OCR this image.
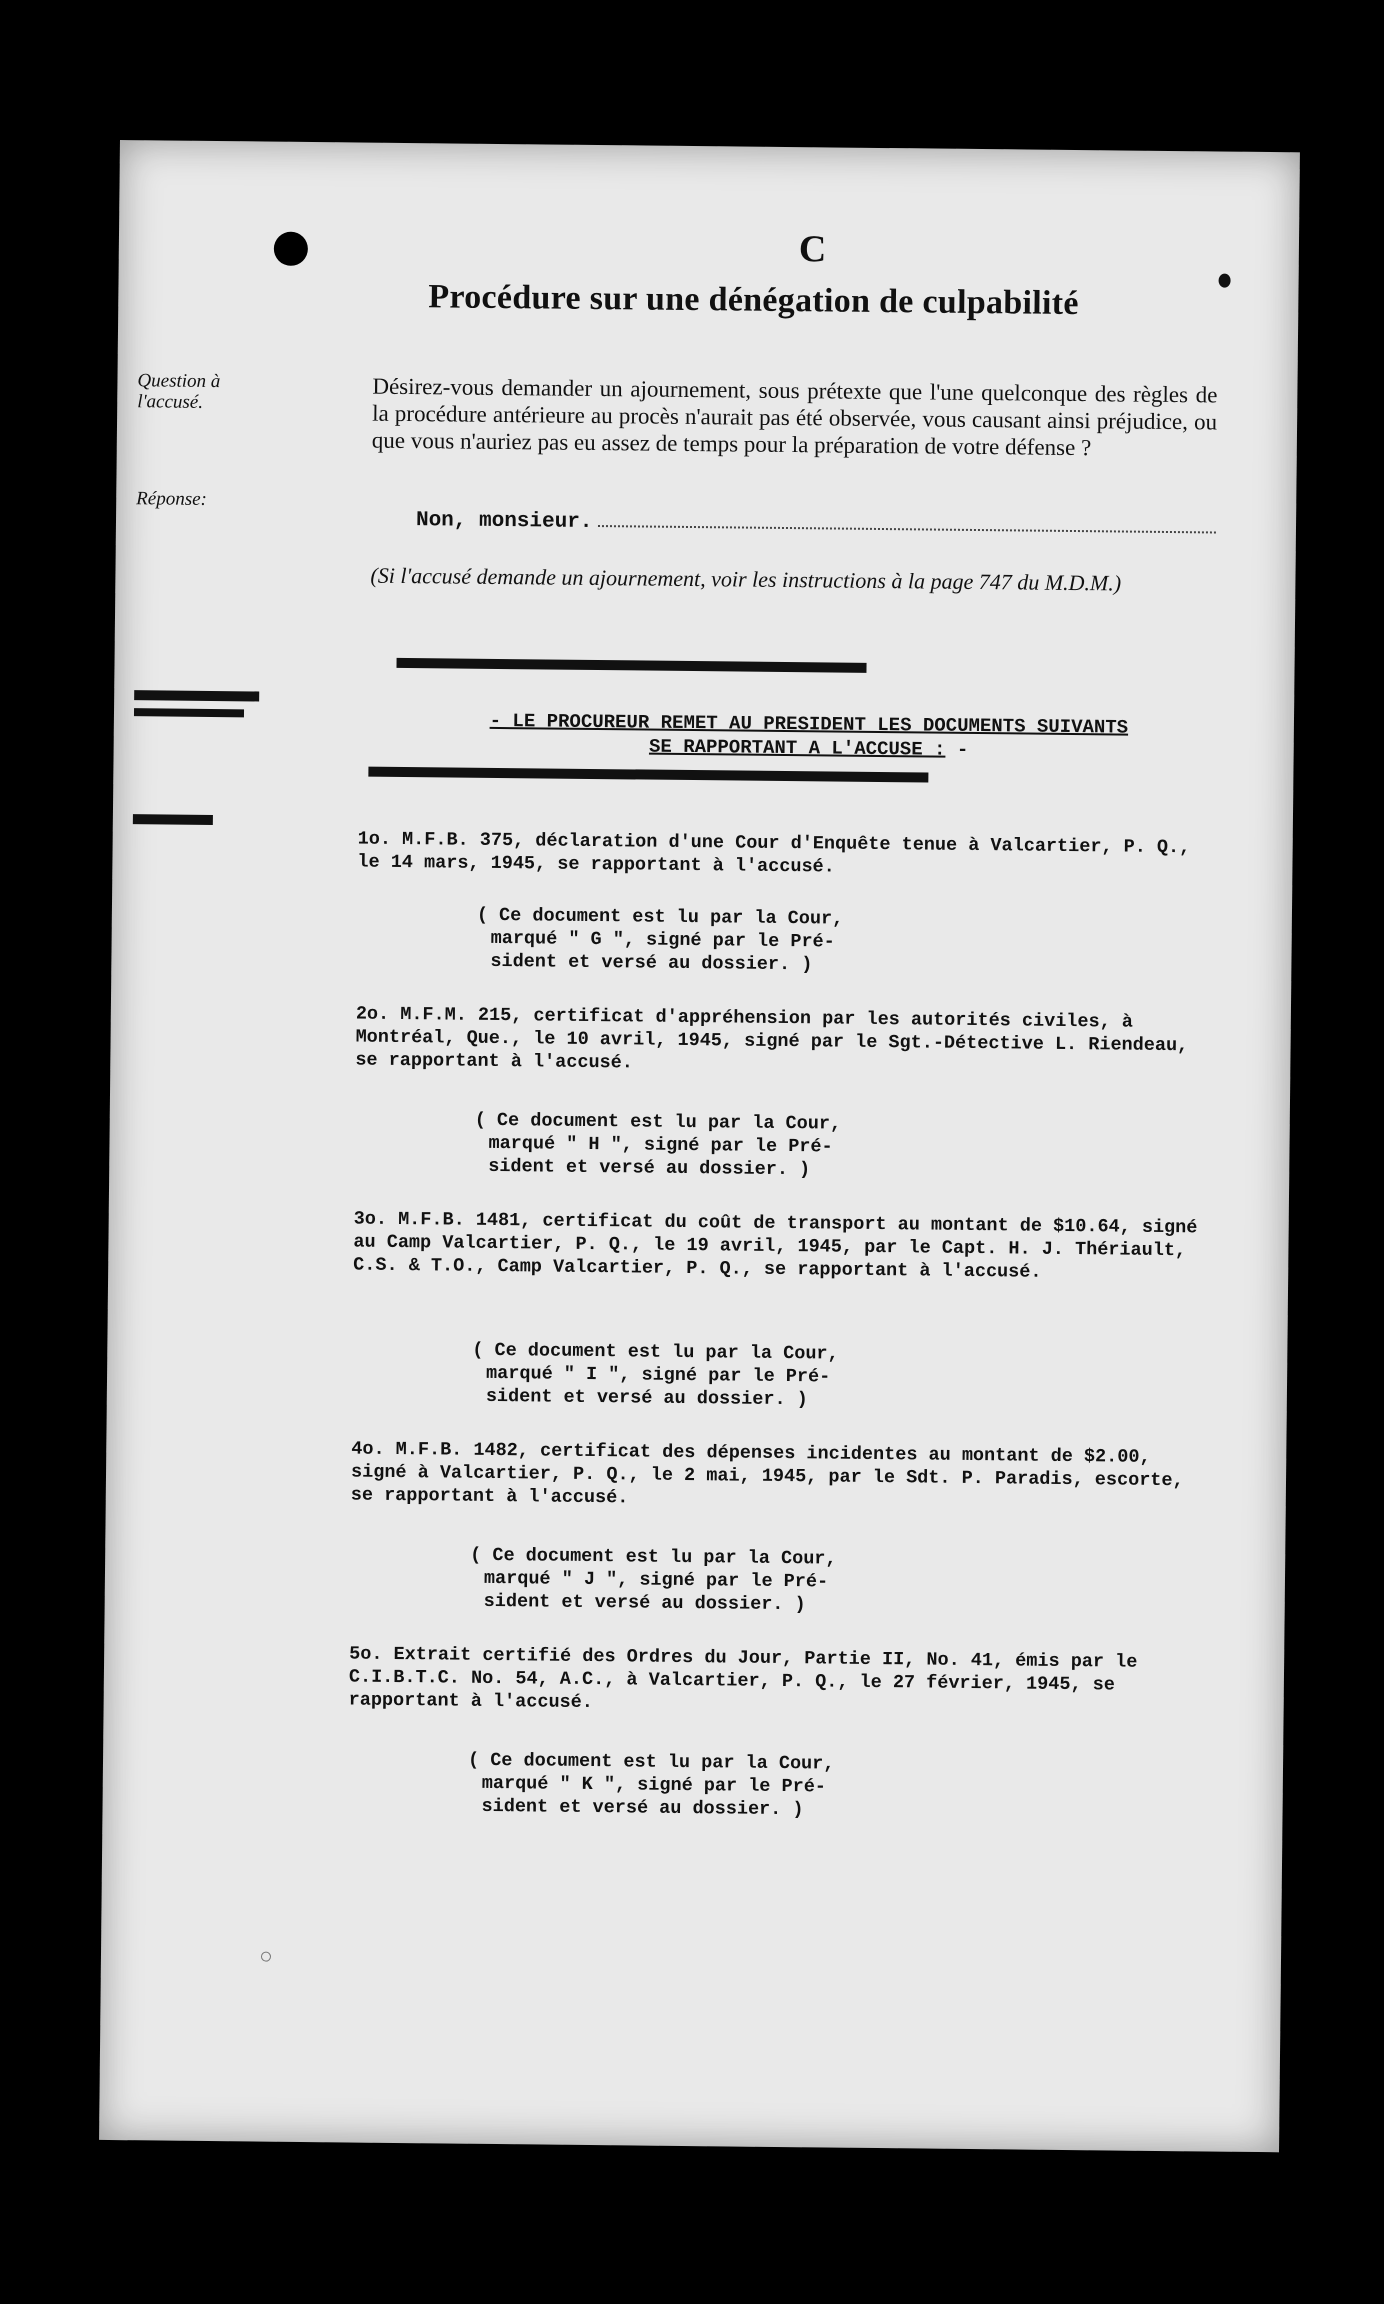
C
Procédure sur une dénégation de culpabilité
Question à l'accusé.	Désirez-vous demander un ajournement, sous prétexte que l'une quelconque des règles de la procédure antérieure au procès n'aurait pas été observée, vous causant ainsi préjudice, ou que vous n'auriez pas eu assez de temps pour la préparation de votre défense ?
Réponse:
Non, monsieur.
(Si l'accusé demande un ajournement, voir les instructions à la page 747 du M.D.M.)
- LE PROCUREUR REMET AU PRESIDENT LES DOCUMENTS SUIVANTS
SE RAPPORTANT A L'ACCUSE : -
1o. M.F.B. 375, déclaration d'une Cour d'Enquête tenue à Valcartier, P. Q., le 14 mars, 1945, se rapportant à l'accusé.
( Ce document est lu par la Cour,
marqué " G ", signé par le Pré-
sident et versé au dossier. )
2o. M.F.M. 215, certificat d'appréhension par les autorités civiles, à Montréal, Que., le 10 avril, 1945, signé par le Sgt.-Détective L. Riendeau, se rapportant à l'accusé.
( Ce document est lu par la Cour,
marqué " H ", signé par le Pré-
sident et versé au dossier. )
3o. M.F.B. 1481, certificat du coût de transport au montant de $10.64, signé au Camp Valcartier, P. Q., le 19 avril, 1945, par le Capt. H. J. Thériault, C.S. & T.O., Camp Valcartier, P. Q., se rapportant à l'accusé.
( Ce document est lu par la Cour,
marqué " I ", signé par le Pré-
sident et versé au dossier. )
4o. M.F.B. 1482, certificat des dépenses incidentes au montant de $2.00, signé à Valcartier, P. Q., le 2 mai, 1945, par le Sdt. P. Paradis, escorte, se rapportant à l'accusé.
( Ce document est lu par la Cour,
marqué " J ", signé par le Pré-
sident et versé au dossier. )
5o. Extrait certifié des Ordres du Jour, Partie II, No. 41, émis par le C.I.B.T.C. No. 54, A.C., à Valcartier, P. Q., le 27 février, 1945, se rapportant à l'accusé.
( Ce document est lu par la Cour,
marqué " K ", signé par le Pré-
sident et versé au dossier. )
